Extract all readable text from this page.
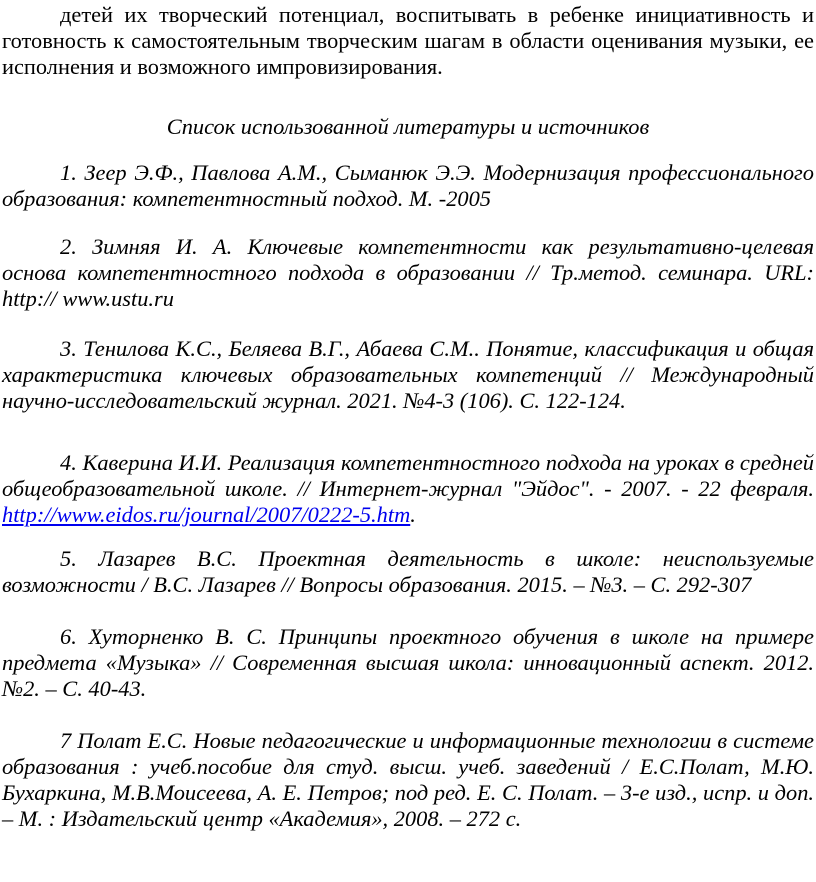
детей их творческий потенциал, воспитывать в ребенке инициативность и готовность к самостоятельным творческим шагам в области оценивания музыки, ее исполнения и возможного импровизирования.

Список использованной литературы и источников

1. Зеер Э.Ф., Павлова А.М., Сыманюк Э.Э. Модернизация профессионального образования: компетентностный подход. М. -2005

2. Зимняя И. А. Ключевые компетентности как результативно-целевая основа компетентностного подхода в образовании // Тр.метод. семинара. URL: http:// www.ustu.ru

3. Тенилова К.С., Беляева В.Г., Абаева С.М.. Понятие, классификация и общая характеристика ключевых образовательных компетенций // Международный научно-исследовательский журнал. 2021. №4-3 (106). С. 122-124.

4. Каверина И.И. Реализация компетентностного подхода на уроках в средней общеобразовательной школе. // Интернет-журнал "Эйдос". - 2007. - 22 февраля. http://www.eidos.ru/journal/2007/0222-5.htm.

5. Лазарев В.С. Проектная деятельность в школе: неиспользуемые возможности / В.С. Лазарев // Вопросы образования. 2015. – №3. – С. 292-307

6. Хуторненко В. С. Принципы проектного обучения в школе на примере предмета «Музыка» // Современная высшая школа: инновационный аспект. 2012. №2. – С. 40-43.

7 Полат Е.С. Новые педагогические и информационные технологии в системе образования : учеб.пособие для студ. высш. учеб. заведений / Е.С.Полат, М.Ю. Бухаркина, М.В.Моисеева, А. Е. Петров; под ред. Е. С. Полат. – 3-е изд., испр. и доп. – М. : Издательский центр «Академия», 2008. – 272 с.
